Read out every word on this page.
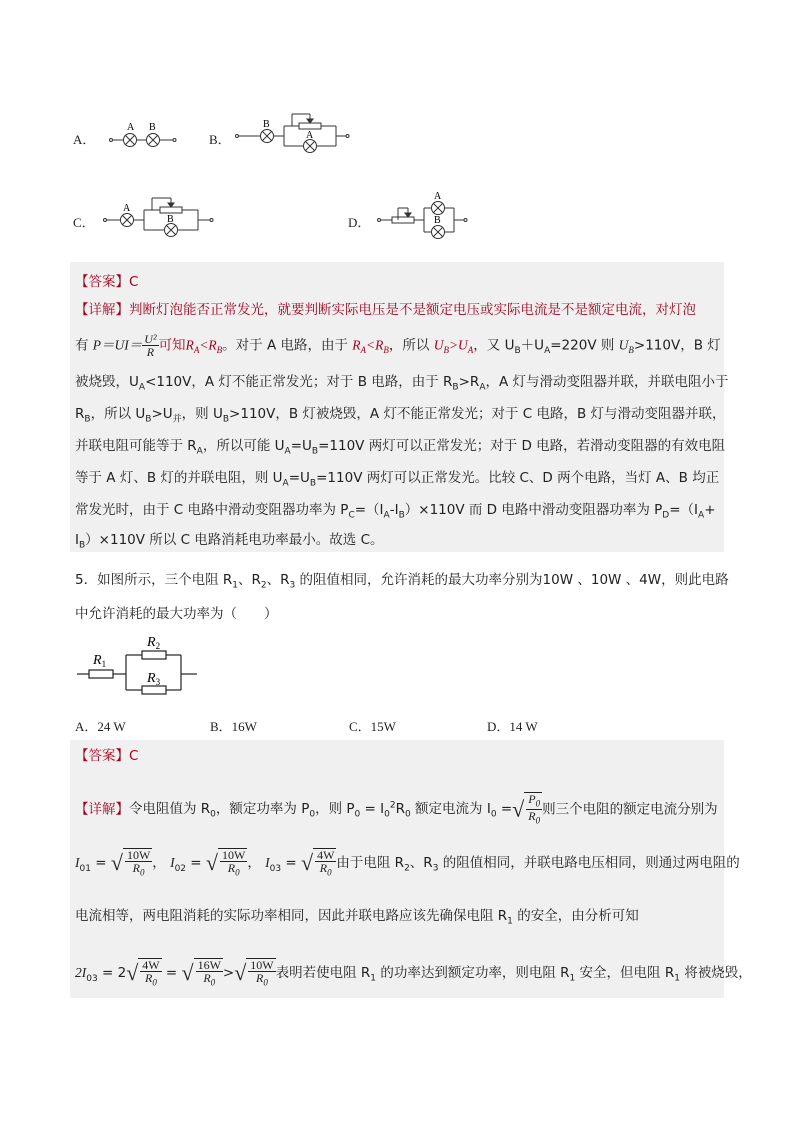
A．
A B
B．
B
A
C．
A
B	D．
A
B
【答案】C
【详解】判断灯泡能否正常发光，就要判断实际电压是不是额定电压或实际电流是不是额定电流，对灯泡
有 $P=UI= \frac{\text{U²}}{R}$ 可知$R_A<R_B$。对于 A 电路，由于 $R_A<R_B$，所以 $U_B>U_A$，又 $U_B+U_A=220V$ 则 $U_B>110V$，B 灯
被烧毁，$U_A<110V$，A 灯不能正常发光；对于 B 电路，由于 $R_B>R_A$，A 灯与滑动变阻器并联，并联电阻小于
$R_B$，所以 $U_B>U_并$，则 $U_B>110V$，B 灯被烧毁，A 灯不能正常发光；对于 C 电路，B 灯与滑动变阻器并联，
并联电阻可能等于 $R_A$，所以可能 $U_A=U_B=110V$ 两灯可以正常发光；对于 D 电路，若滑动变阻器的有效电阻
等于 A 灯、B 灯的并联电阻，则 $U_A=U_B=110V$ 两灯可以正常发光。比较 C、D 两个电路，当灯 A、B 均正
常发光时，由于 C 电路中滑动变阻器功率为 $P_C=(I_A-I_B)\times 110V$ 而 D 电路中滑动变阻器功率为 $P_D=(I_A+$
$I_B)\times 110V$ 所以 C 电路消耗电功率最小。故选 C。
5．如图所示，三个电阻 $R_1$、$R_2$、$R_3$ 的阻值相同，允许消耗的最大功率分别为10W 、10W 、4W，则此电路
中允许消耗的最大功率为（　　）
$R_1$
$R_2$
$R_3$
A．24 W	B．16W	C．15W	D．14 W
【答案】C
【详解】令电阻值为 $R_0$，额定功率为 $P_0$，则 $P_0 = I_0^2R_0$ 额定电流为 $I_0$ =√ $\frac{P_0}{R_0}$ 则三个电阻的额定电流分别为
$I_{01}$ = √ $\frac{10W}{R_0}$ ， $I_{02}$ = √ $\frac{10W}{R_0}$ ， $I_{03}$ = √ $\frac{4W}{R_0}$ 由于电阻 $R_2$、$R_3$ 的阻值相同，并联电路电压相同，则通过两电阻的
电流相等，两电阻消耗的实际功率相同，因此并联电路应该先确保电阻 $R_1$ 的安全，由分析可知
$2I_{03} = 2√ \frac{4W}{R_0}$ = √ $\frac{16W}{R_0}$ >√ $\frac{10W}{R_0}$ 表明若使电阻 $R_1$ 的功率达到额定功率，则电阻 $R_1$ 安全，但电阻 $R_1$ 将被烧毁，
